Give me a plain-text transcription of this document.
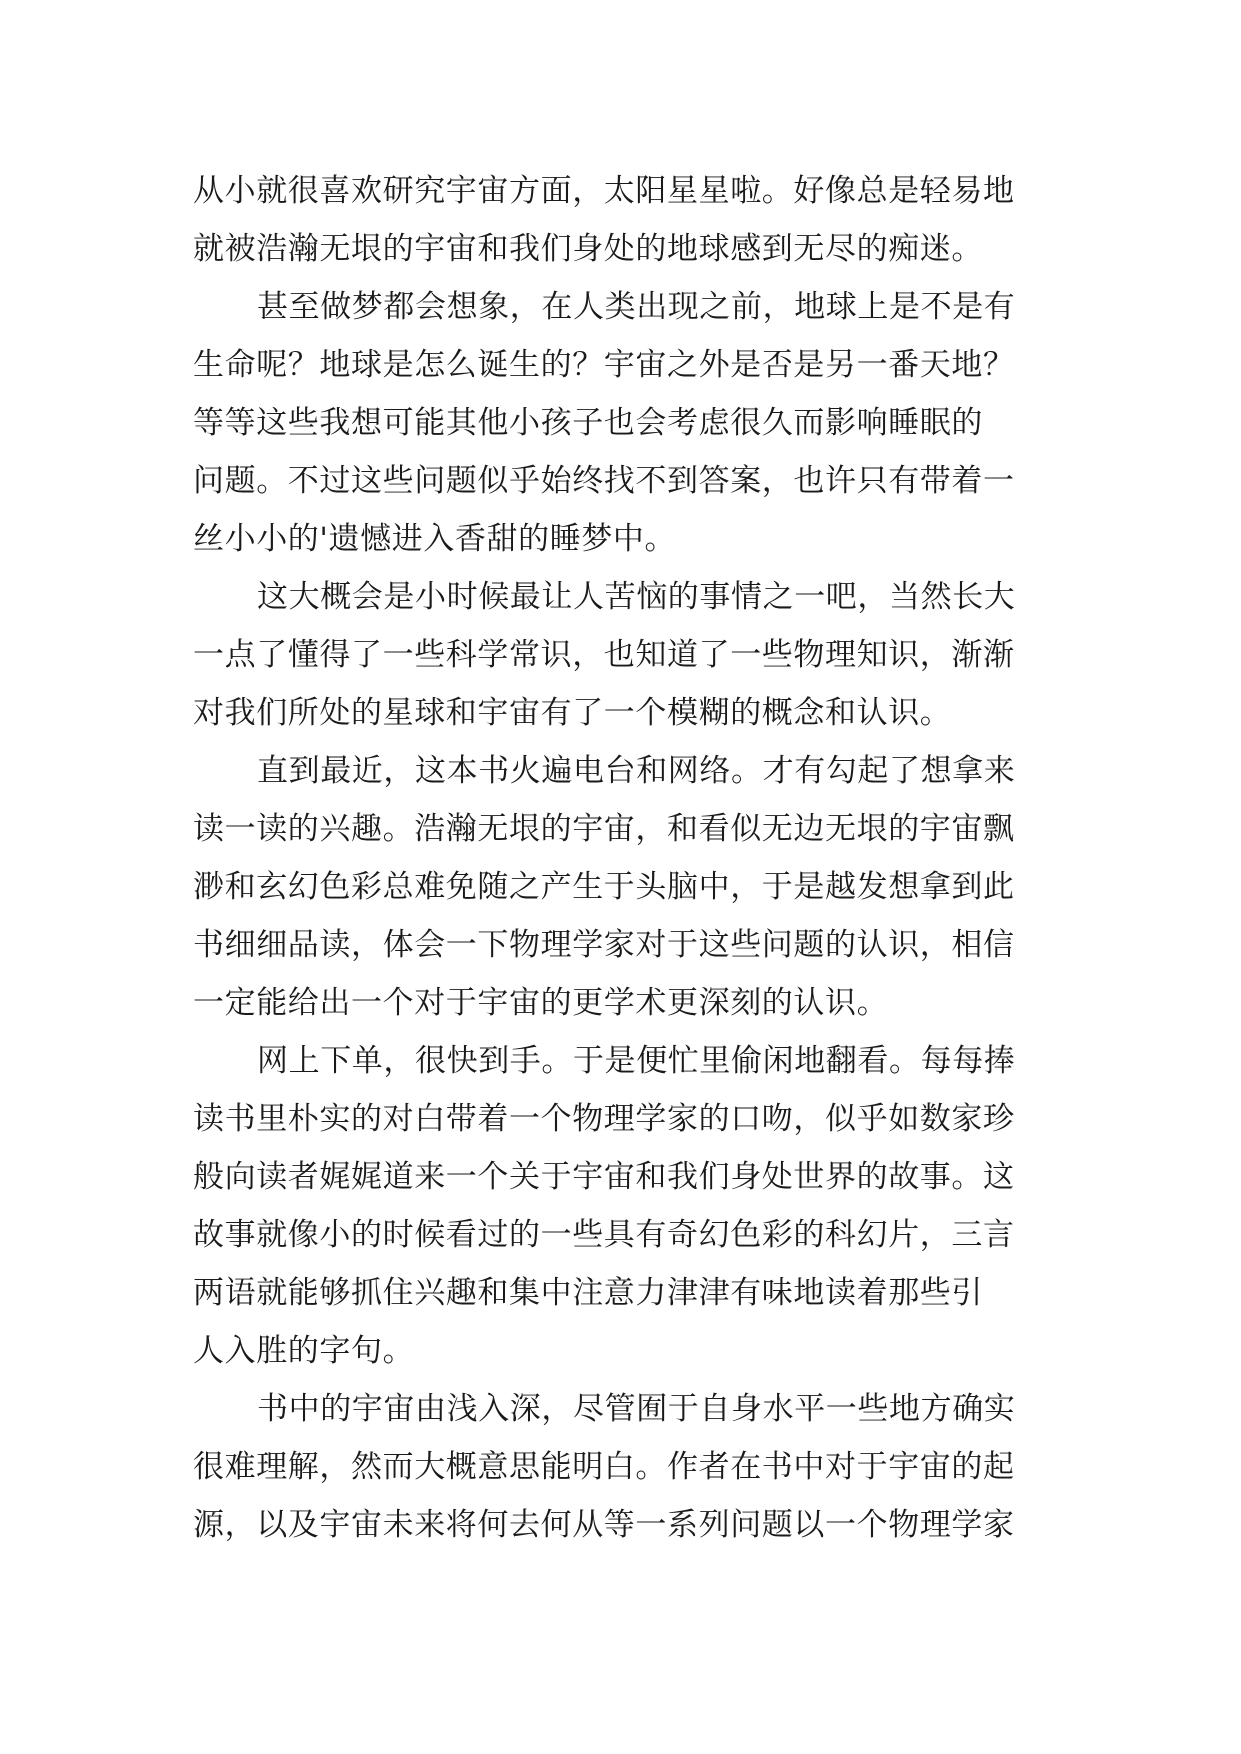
从小就很喜欢研究宇宙方面，太阳星星啦。好像总是轻易地
就被浩瀚无垠的宇宙和我们身处的地球感到无尽的痴迷。
甚至做梦都会想象，在人类出现之前，地球上是不是有
生命呢？地球是怎么诞生的？宇宙之外是否是另一番天地？
等等这些我想可能其他小孩子也会考虑很久而影响睡眠的
问题。不过这些问题似乎始终找不到答案，也许只有带着一
丝小小的'遗憾进入香甜的睡梦中。
这大概会是小时候最让人苦恼的事情之一吧，当然长大
一点了懂得了一些科学常识，也知道了一些物理知识，渐渐
对我们所处的星球和宇宙有了一个模糊的概念和认识。
直到最近，这本书火遍电台和网络。才有勾起了想拿来
读一读的兴趣。浩瀚无垠的宇宙，和看似无边无垠的宇宙飘
渺和玄幻色彩总难免随之产生于头脑中，于是越发想拿到此
书细细品读，体会一下物理学家对于这些问题的认识，相信
一定能给出一个对于宇宙的更学术更深刻的认识。
网上下单，很快到手。于是便忙里偷闲地翻看。每每捧
读书里朴实的对白带着一个物理学家的口吻，似乎如数家珍
般向读者娓娓道来一个关于宇宙和我们身处世界的故事。这
故事就像小的时候看过的一些具有奇幻色彩的科幻片，三言
两语就能够抓住兴趣和集中注意力津津有味地读着那些引
人入胜的字句。
书中的宇宙由浅入深，尽管囿于自身水平一些地方确实
很难理解，然而大概意思能明白。作者在书中对于宇宙的起
源，以及宇宙未来将何去何从等一系列问题以一个物理学家
